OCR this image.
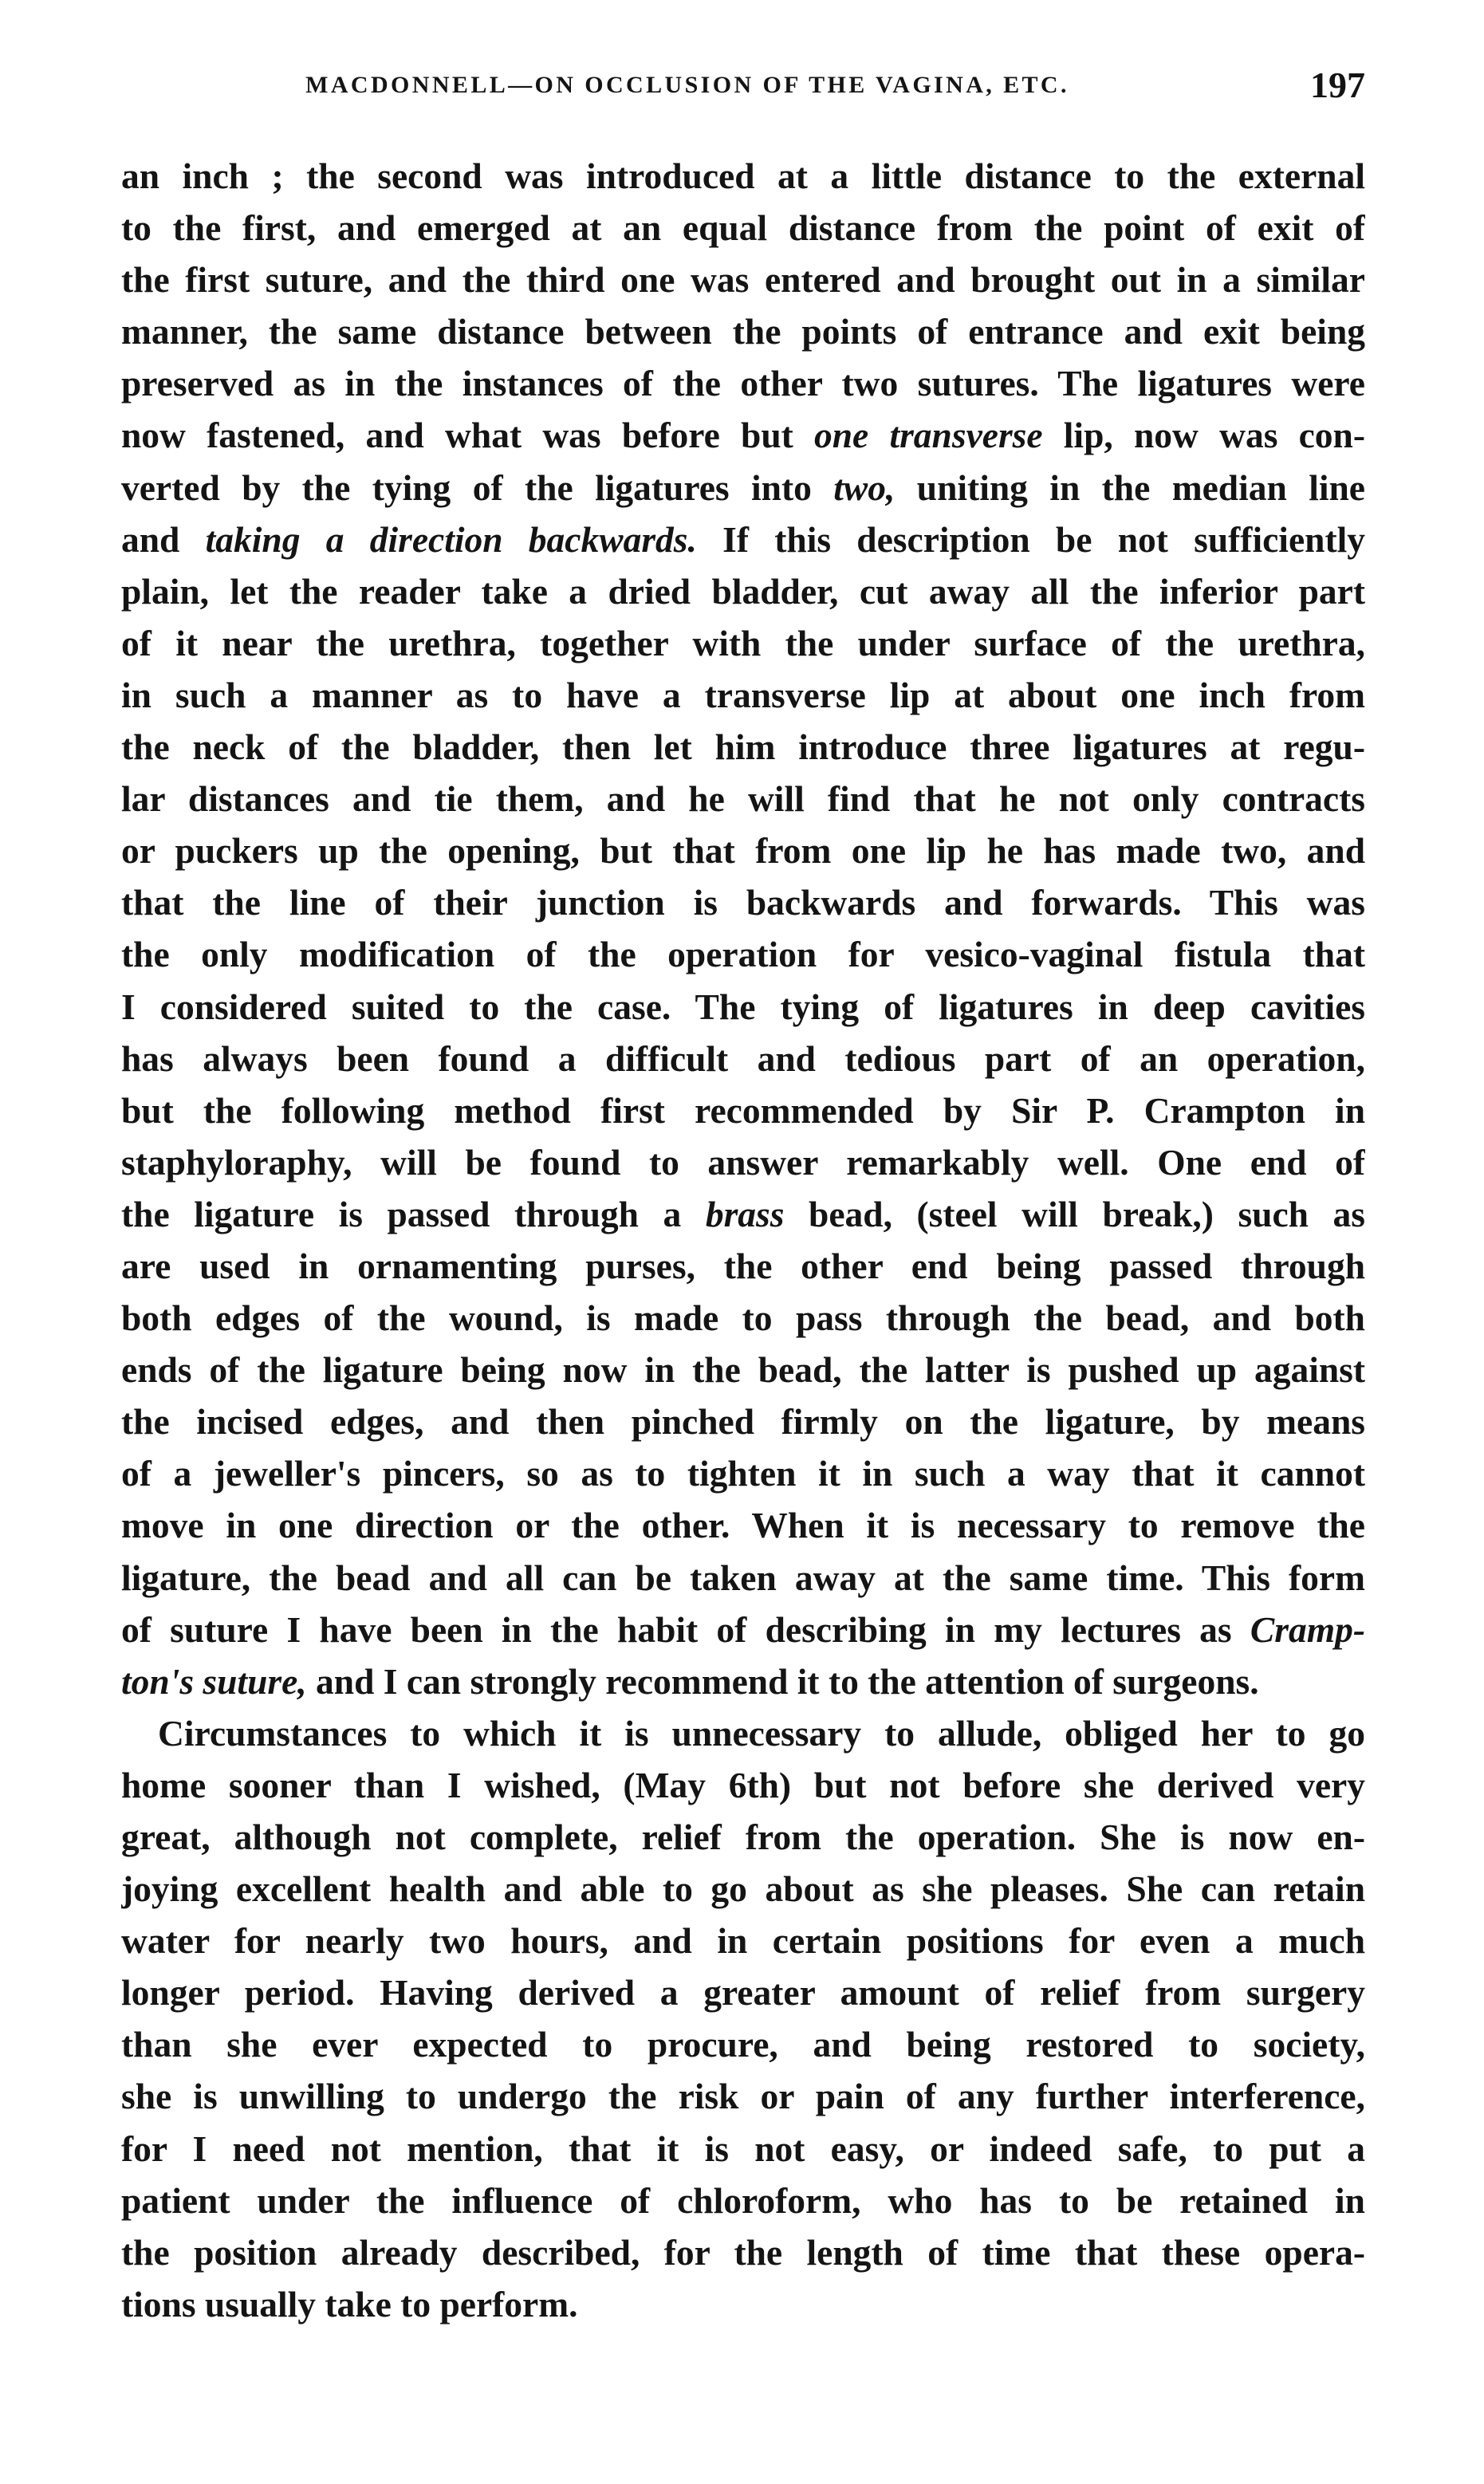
MACDONNELL—ON OCCLUSION OF THE VAGINA, ETC.	197
an inch ; the second was introduced at a little distance to the external
to the first, and emerged at an equal distance from the point of exit of
the first suture, and the third one was entered and brought out in a similar
manner, the same distance between the points of entrance and exit being
preserved as in the instances of the other two sutures. The ligatures were
now fastened, and what was before but one transverse lip, now was con-
verted by the tying of the ligatures into two, uniting in the median line
and taking a direction backwards. If this description be not sufficiently
plain, let the reader take a dried bladder, cut away all the inferior part
of it near the urethra, together with the under surface of the urethra,
in such a manner as to have a transverse lip at about one inch from
the neck of the bladder, then let him introduce three ligatures at regu-
lar distances and tie them, and he will find that he not only contracts
or puckers up the opening, but that from one lip he has made two, and
that the line of their junction is backwards and forwards. This was
the only modification of the operation for vesico-vaginal fistula that
I considered suited to the case. The tying of ligatures in deep cavities
has always been found a difficult and tedious part of an operation,
but the following method first recommended by Sir P. Crampton in
staphyloraphy, will be found to answer remarkably well. One end of
the ligature is passed through a brass bead, (steel will break,) such as
are used in ornamenting purses, the other end being passed through
both edges of the wound, is made to pass through the bead, and both
ends of the ligature being now in the bead, the latter is pushed up against
the incised edges, and then pinched firmly on the ligature, by means
of a jeweller's pincers, so as to tighten it in such a way that it cannot
move in one direction or the other. When it is necessary to remove the
ligature, the bead and all can be taken away at the same time. This form
of suture I have been in the habit of describing in my lectures as Cramp-
ton's suture, and I can strongly recommend it to the attention of surgeons.
Circumstances to which it is unnecessary to allude, obliged her to go
home sooner than I wished, (May 6th) but not before she derived very
great, although not complete, relief from the operation. She is now en-
joying excellent health and able to go about as she pleases. She can retain
water for nearly two hours, and in certain positions for even a much
longer period. Having derived a greater amount of relief from surgery
than she ever expected to procure, and being restored to society,
she is unwilling to undergo the risk or pain of any further interference,
for I need not mention, that it is not easy, or indeed safe, to put a
patient under the influence of chloroform, who has to be retained in
the position already described, for the length of time that these opera-
tions usually take to perform.
